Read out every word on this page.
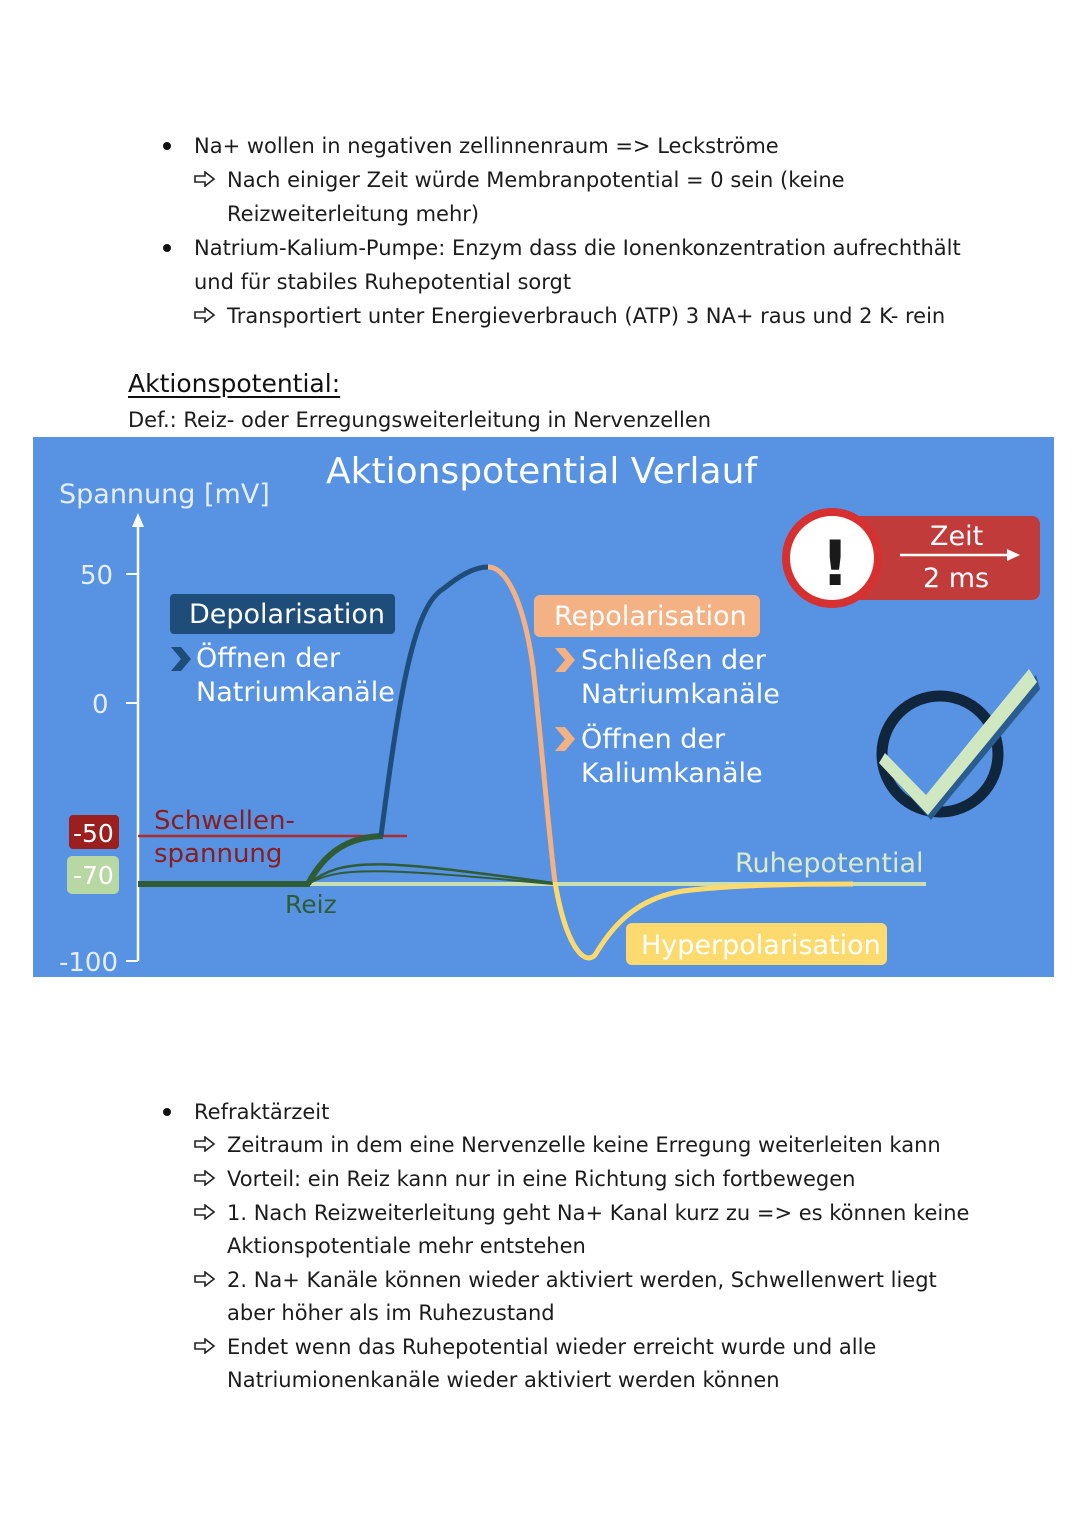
Na+ wollen in negativen zellinnenraum => Leckströme
Nach einiger Zeit würde Membranpotential = 0 sein (keine
Reizweiterleitung mehr)
Natrium-Kalium-Pumpe: Enzym dass die Ionenkonzentration aufrechthält
und für stabiles Ruhepotential sorgt
Transportiert unter Energieverbrauch (ATP) 3 NA+ raus und 2 K- rein
Aktionspotential:
Def.: Reiz- oder Erregungsweiterleitung in Nervenzellen
Aktionspotential Verlauf
Spannung [mV]
50
0
-100
-50
-70
Depolarisation
Öffnen der
Natriumkanäle
Repolarisation
Schließen der
Natriumkanäle
Öffnen der
Kaliumkanäle
Schwellen-
spannung
Reiz
Ruhepotential
Hyperpolarisation
Zeit
2 ms
!
Refraktärzeit
Zeitraum in dem eine Nervenzelle keine Erregung weiterleiten kann
Vorteil: ein Reiz kann nur in eine Richtung sich fortbewegen
1. Nach Reizweiterleitung geht Na+ Kanal kurz zu => es können keine
Aktionspotentiale mehr entstehen
2. Na+ Kanäle können wieder aktiviert werden, Schwellenwert liegt
aber höher als im Ruhezustand
Endet wenn das Ruhepotential wieder erreicht wurde und alle
Natriumionenkanäle wieder aktiviert werden können
